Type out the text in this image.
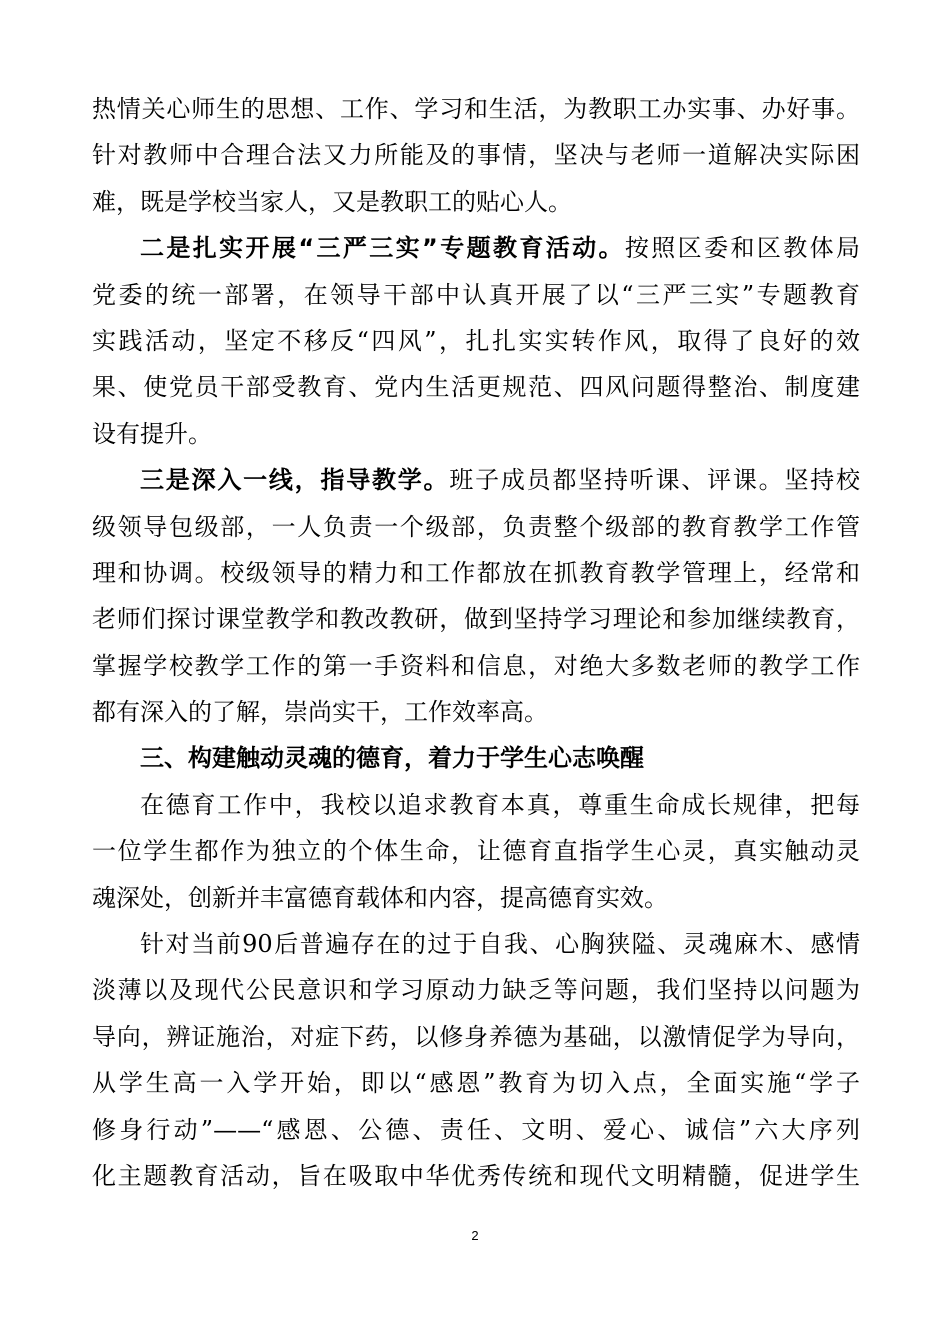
热情关心师生的思想、工作、学习和生活，为教职工办实事、办好事。
针对教师中合理合法又力所能及的事情，坚决与老师一道解决实际困
难，既是学校当家人，又是教职工的贴心人。
二是扎实开展“三严三实”专题教育活动。按照区委和区教体局
党委的统一部署，在领导干部中认真开展了以“三严三实”专题教育
实践活动，坚定不移反“四风”，扎扎实实转作风，取得了良好的效
果、使党员干部受教育、党内生活更规范、四风问题得整治、制度建
设有提升。
三是深入一线，指导教学。班子成员都坚持听课、评课。坚持校
级领导包级部，一人负责一个级部，负责整个级部的教育教学工作管
理和协调。校级领导的精力和工作都放在抓教育教学管理上，经常和
老师们探讨课堂教学和教改教研，做到坚持学习理论和参加继续教育，
掌握学校教学工作的第一手资料和信息，对绝大多数老师的教学工作
都有深入的了解，崇尚实干，工作效率高。
三、构建触动灵魂的德育，着力于学生心志唤醒
在德育工作中，我校以追求教育本真，尊重生命成长规律，把每
一位学生都作为独立的个体生命，让德育直指学生心灵，真实触动灵
魂深处，创新并丰富德育载体和内容，提高德育实效。
针对当前90后普遍存在的过于自我、心胸狭隘、灵魂麻木、感情
淡薄以及现代公民意识和学习原动力缺乏等问题，我们坚持以问题为
导向，辨证施治，对症下药，以修身养德为基础，以激情促学为导向，
从学生高一入学开始，即以“感恩”教育为切入点，全面实施“学子
修身行动”——“感恩、公德、责任、文明、爱心、诚信”六大序列
化主题教育活动，旨在吸取中华优秀传统和现代文明精髓，促进学生
2
